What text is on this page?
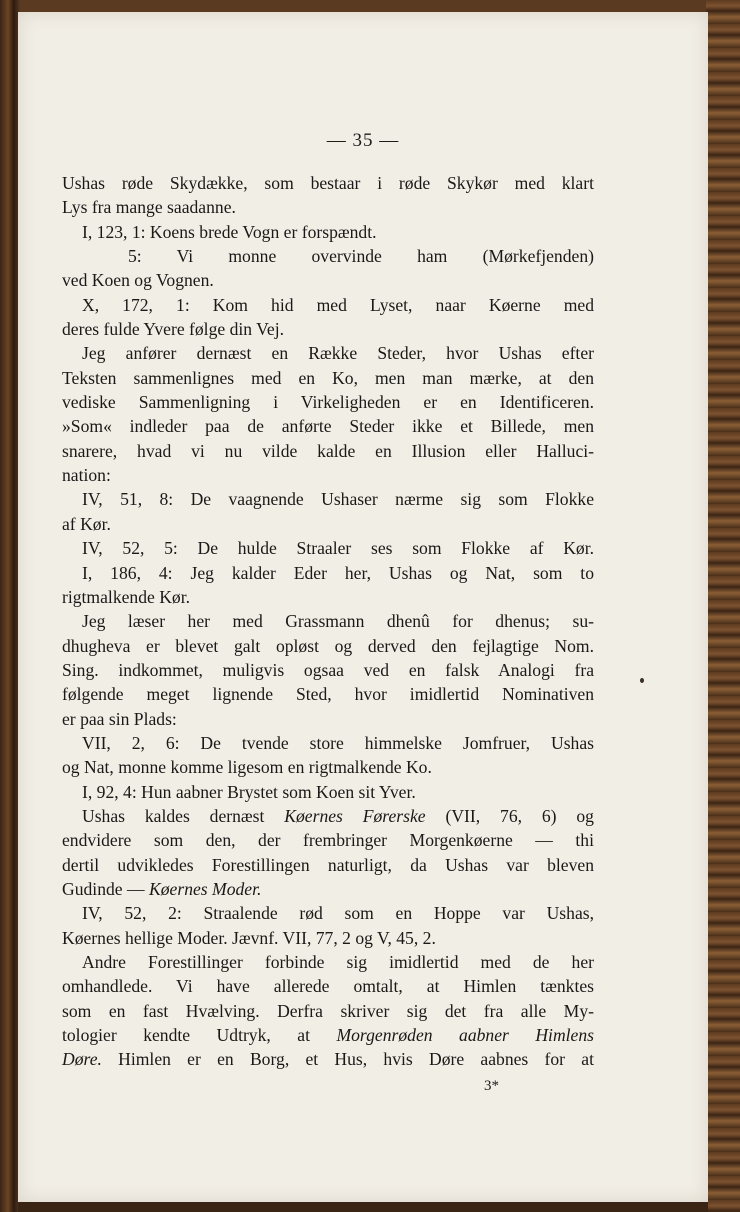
— 35 —
Ushas røde Skydække, som bestaar i røde Skykør med klart
Lys fra mange saadanne.
I, 123, 1: Koens brede Vogn er forspændt.
5: Vi monne overvinde ham (Mørkefjenden)
ved Koen og Vognen.
X, 172, 1: Kom hid med Lyset, naar Køerne med
deres fulde Yvere følge din Vej.
Jeg anfører dernæst en Række Steder, hvor Ushas efter
Teksten sammenlignes med en Ko, men man mærke, at den
vediske Sammenligning i Virkeligheden er en Identificeren.
»Som« indleder paa de anførte Steder ikke et Billede, men
snarere, hvad vi nu vilde kalde en Illusion eller Halluci-
nation:
IV, 51, 8: De vaagnende Ushaser nærme sig som Flokke
af Kør.
IV, 52, 5: De hulde Straaler ses som Flokke af Kør.
I, 186, 4: Jeg kalder Eder her, Ushas og Nat, som to
rigtmalkende Kør.
Jeg læser her med Grassmann dhenû for dhenus; su-
dhugheva er blevet galt opløst og derved den fejlagtige Nom.
Sing. indkommet, muligvis ogsaa ved en falsk Analogi fra
følgende meget lignende Sted, hvor imidlertid Nominativen
er paa sin Plads:
VII, 2, 6: De tvende store himmelske Jomfruer, Ushas
og Nat, monne komme ligesom en rigtmalkende Ko.
I, 92, 4: Hun aabner Brystet som Koen sit Yver.
Ushas kaldes dernæst Køernes Førerske (VII, 76, 6) og
endvidere som den, der frembringer Morgenkøerne — thi
dertil udvikledes Forestillingen naturligt, da Ushas var bleven
Gudinde — Køernes Moder.
IV, 52, 2: Straalende rød som en Hoppe var Ushas,
Køernes hellige Moder. Jævnf. VII, 77, 2 og V, 45, 2.
Andre Forestillinger forbinde sig imidlertid med de her
omhandlede. Vi have allerede omtalt, at Himlen tænktes
som en fast Hvælving. Derfra skriver sig det fra alle My-
tologier kendte Udtryk, at Morgenrøden aabner Himlens
Døre. Himlen er en Borg, et Hus, hvis Døre aabnes for at
3*
